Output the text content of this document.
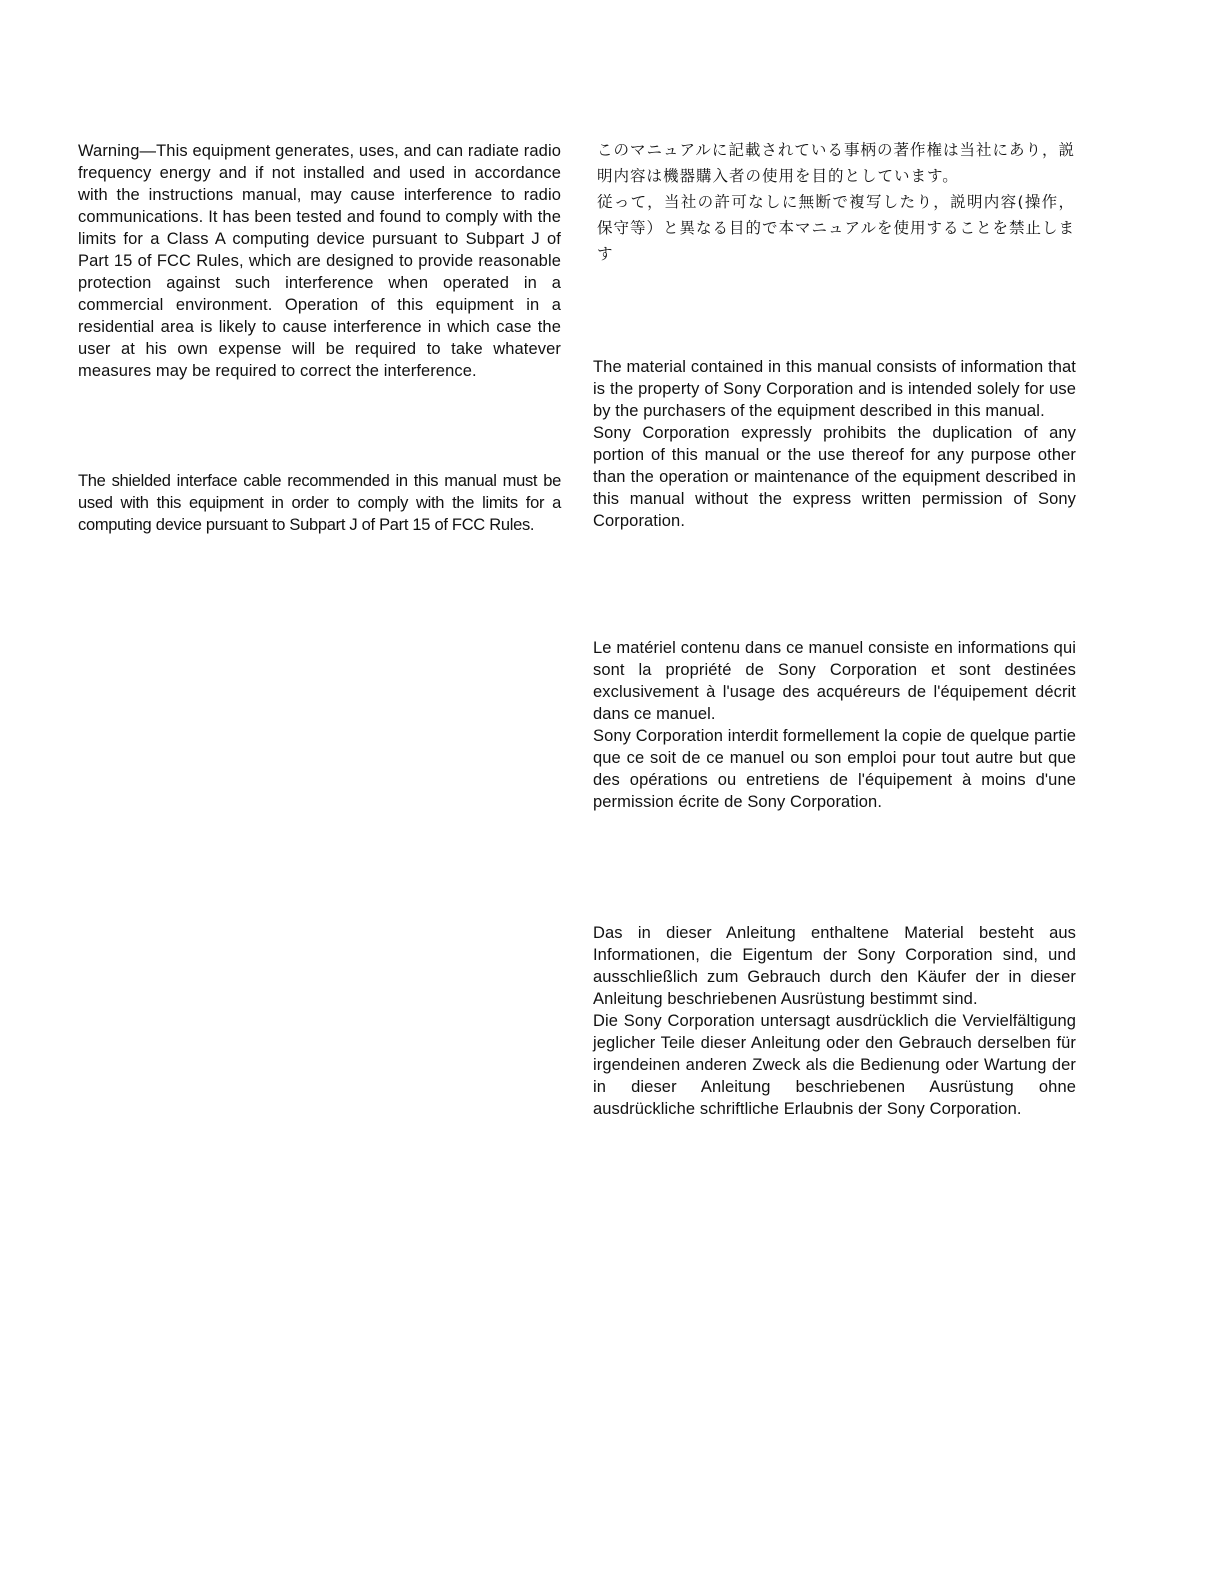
Warning—This equipment generates, uses, and can radiate radio frequency energy and if not installed and used in accordance with the instructions manual, may cause interference to radio communications. It has been tested and found to comply with the limits for a Class A computing device pursuant to Subpart J of Part 15 of FCC Rules, which are designed to provide reasonable protection against such interference when operated in a commercial environment. Operation of this equipment in a residential area is likely to cause interference in which case the user at his own expense will be required to take whatever measures may be required to correct the interference.

The shielded interface cable recommended in this manual must be used with this equipment in order to comply with the limits for a computing device pursuant to Subpart J of Part 15 of FCC Rules.

このマニュアルに記載されている事柄の著作権は当社にあり，説明内容は機器購入者の使用を目的としています。

従って，当社の許可なしに無断で複写したり，説明内容(操作，保守等）と異なる目的で本マニュアルを使用することを禁止します

The material contained in this manual consists of information that is the property of Sony Corporation and is intended solely for use by the purchasers of the equipment described in this manual.

Sony Corporation expressly prohibits the duplication of any portion of this manual or the use thereof for any purpose other than the operation or maintenance of the equipment described in this manual without the express written permission of Sony Corporation.

Le matériel contenu dans ce manuel consiste en informations qui sont la propriété de Sony Corporation et sont destinées exclusivement à l'usage des acquéreurs de l'équipement décrit dans ce manuel.

Sony Corporation interdit formellement la copie de quelque partie que ce soit de ce manuel ou son emploi pour tout autre but que des opérations ou entretiens de l'équipement à moins d'une permission écrite de Sony Corporation.

Das in dieser Anleitung enthaltene Material besteht aus Informationen, die Eigentum der Sony Corporation sind, und ausschließlich zum Gebrauch durch den Käufer der in dieser Anleitung beschriebenen Ausrüstung bestimmt sind.

Die Sony Corporation untersagt ausdrücklich die Vervielfältigung jeglicher Teile dieser Anleitung oder den Gebrauch derselben für irgendeinen anderen Zweck als die Bedienung oder Wartung der in dieser Anleitung beschriebenen Ausrüstung ohne ausdrückliche schriftliche Erlaubnis der Sony Corporation.
